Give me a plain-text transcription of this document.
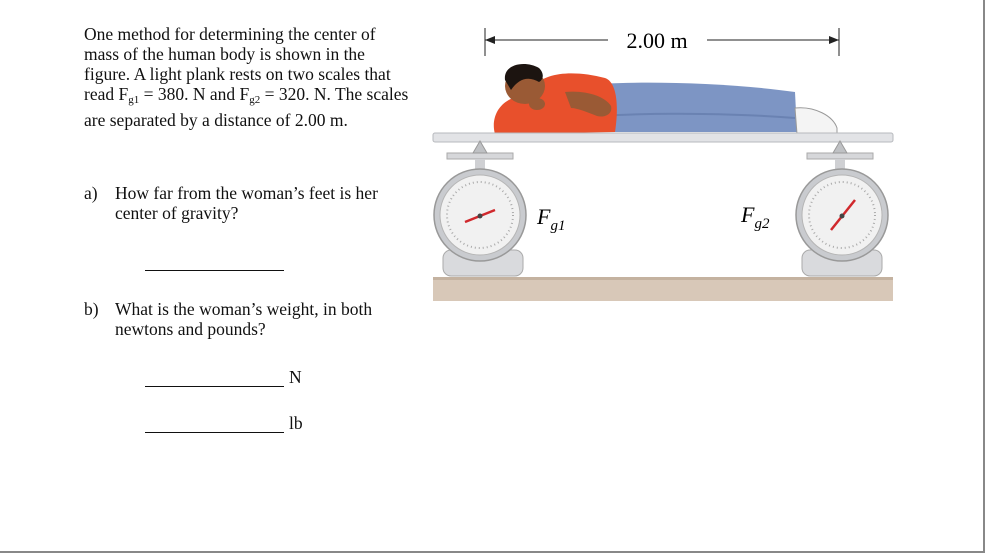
One method for determining the center of mass of the human body is shown in the figure. A light plank rests on two scales that read $F_{g1} = 380$. N and $F_{g2} = 320$. N. The scales are separated by a distance of 2.00 m.
a) How far from the woman’s feet is her center of gravity?
b) What is the woman’s weight, in both newtons and pounds?
N
lb
2.00 m
$F_{g1}$	$F_{g2}$
